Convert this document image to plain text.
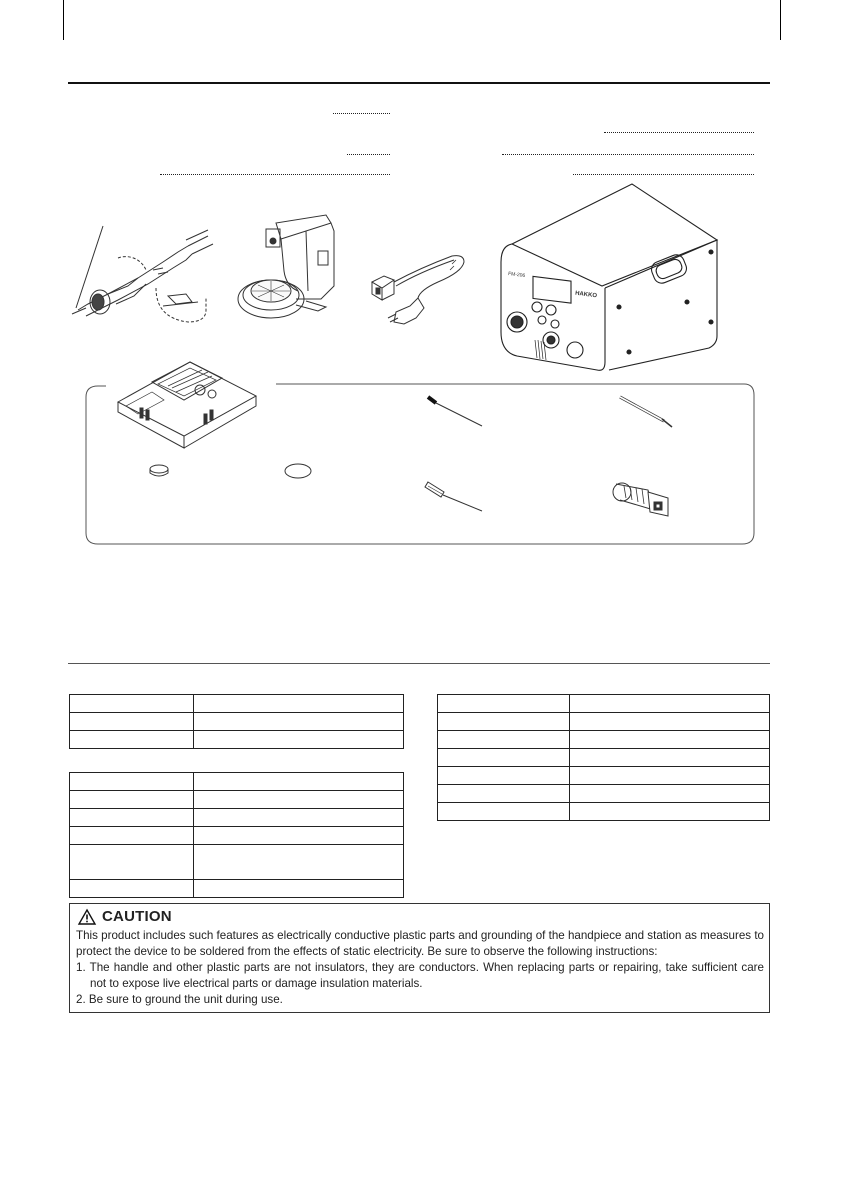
HAKKO
FM-206

CAUTION

This product includes such features as electrically conductive plastic parts and grounding of the handpiece and station as measures to protect the device to be soldered from the effects of static electricity. Be sure to observe the following instructions:

1. The handle and other plastic parts are not insulators, they are conductors. When replacing parts or repairing, take sufficient care not to expose live electrical parts or damage insulation materials.

2. Be sure to ground the unit during use.
